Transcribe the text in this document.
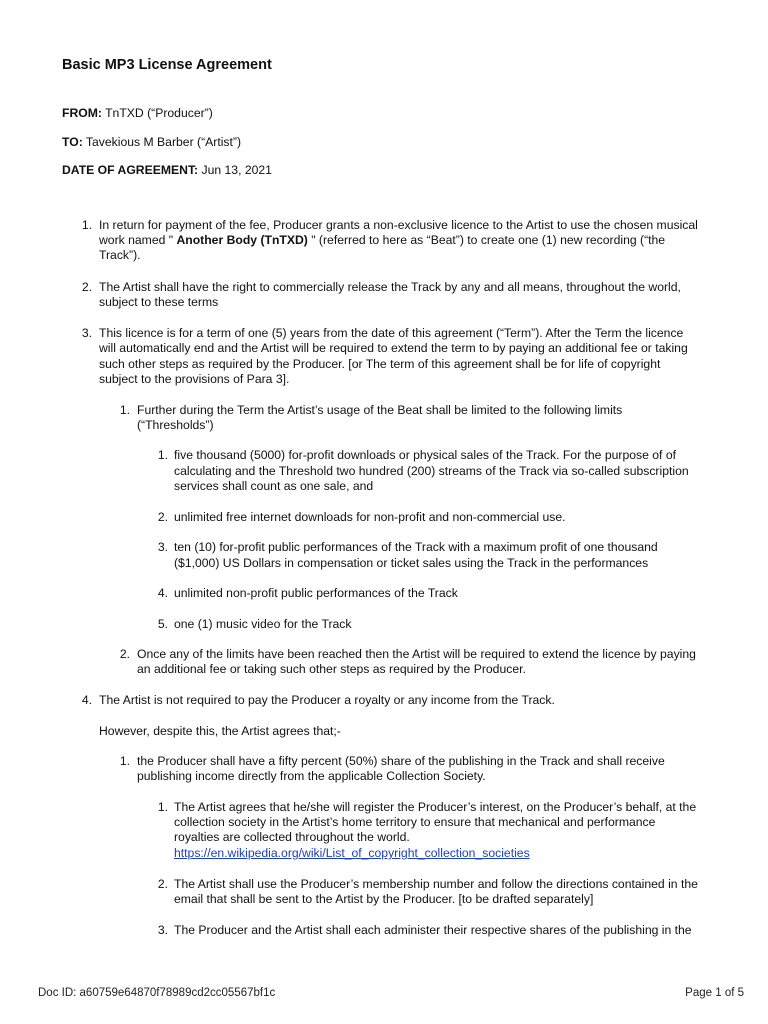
Basic MP3 License Agreement
FROM: TnTXD (“Producer”)
TO: Tavekious M Barber (“Artist”)
DATE OF AGREEMENT: Jun 13, 2021
1. In return for payment of the fee, Producer grants a non-exclusive licence to the Artist to use the chosen musical
work named " Another Body (TnTXD) " (referred to here as “Beat”) to create one (1) new recording (“the
Track”).
2. The Artist shall have the right to commercially release the Track by any and all means, throughout the world,
subject to these terms
3. This licence is for a term of one (5) years from the date of this agreement (“Term”). After the Term the licence
will automatically end and the Artist will be required to extend the term to by paying an additional fee or taking
such other steps as required by the Producer. [or The term of this agreement shall be for life of copyright
subject to the provisions of Para 3].
1. Further during the Term the Artist’s usage of the Beat shall be limited to the following limits
(“Thresholds”)
1. five thousand (5000) for-profit downloads or physical sales of the Track. For the purpose of of
calculating and the Threshold two hundred (200) streams of the Track via so-called subscription
services shall count as one sale, and
2. unlimited free internet downloads for non-profit and non-commercial use.
3. ten (10) for-profit public performances of the Track with a maximum profit of one thousand
($1,000) US Dollars in compensation or ticket sales using the Track in the performances
4. unlimited non-profit public performances of the Track
5. one (1) music video for the Track
2. Once any of the limits have been reached then the Artist will be required to extend the licence by paying
an additional fee or taking such other steps as required by the Producer.
4. The Artist is not required to pay the Producer a royalty or any income from the Track.
However, despite this, the Artist agrees that;-
1. the Producer shall have a fifty percent (50%) share of the publishing in the Track and shall receive
publishing income directly from the applicable Collection Society.
1. The Artist agrees that he/she will register the Producer’s interest, on the Producer’s behalf, at the
collection society in the Artist’s home territory to ensure that mechanical and performance
royalties are collected throughout the world.
https://en.wikipedia.org/wiki/List_of_copyright_collection_societies
2. The Artist shall use the Producer’s membership number and follow the directions contained in the
email that shall be sent to the Artist by the Producer. [to be drafted separately]
3. The Producer and the Artist shall each administer their respective shares of the publishing in the
Doc ID: a60759e64870f78989cd2cc05567bf1c	Page 1 of 5
